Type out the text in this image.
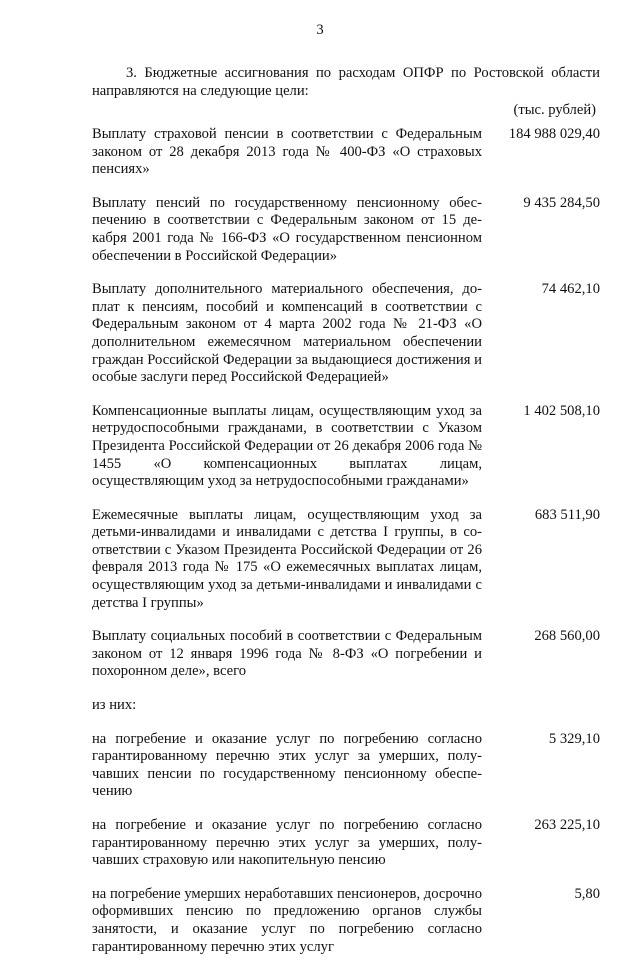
3
3. Бюджетные ассигнования по расходам ОПФР по Ростовской области направляются на следующие цели:
(тыс. рублей)
Выплату страховой пенсии в соответствии с Федеральным законом от 28 декабря 2013 года № 400-ФЗ «О страховых пенсиях»
184 988 029,40
Выплату пенсий по государственному пенсионному обеспечению в соответствии с Федеральным законом от 15 декабря 2001 года № 166-ФЗ «О государственном пенсионном обеспечении в Российской Федерации»
9 435 284,50
Выплату дополнительного материального обеспечения, доплат к пенсиям, пособий и компенсаций в соответствии с Федеральным законом от 4 марта 2002 года № 21-ФЗ «О дополнительном ежемесячном материальном обеспечении граждан Российской Федерации за выдающиеся достижения и особые заслуги перед Российской Федерацией»
74 462,10
Компенсационные выплаты лицам, осуществляющим уход за нетрудоспособными гражданами, в соответствии с Указом Президента Российской Федерации от 26 декабря 2006 года № 1455 «О компенсационных выплатах лицам, осуществляющим уход за нетрудоспособными гражданами»
1 402 508,10
Ежемесячные выплаты лицам, осуществляющим уход за детьми-инвалидами и инвалидами с детства I группы, в соответствии с Указом Президента Российской Федерации от 26 февраля 2013 года № 175 «О ежемесячных выплатах лицам, осуществляющим уход за детьми-инвалидами и инвалидами с детства I группы»
683 511,90
Выплату социальных пособий в соответствии с Федеральным законом от 12 января 1996 года № 8-ФЗ «О погребении и похоронном деле», всего
268 560,00
из них:
на погребение и оказание услуг по погребению согласно гарантированному перечню этих услуг за умерших, получавших пенсии по государственному пенсионному обеспечению
5 329,10
на погребение и оказание услуг по погребению согласно гарантированному перечню этих услуг за умерших, получавших страховую или накопительную пенсию
263 225,10
на погребение умерших неработавших пенсионеров, досрочно оформивших пенсию по предложению органов службы занятости, и оказание услуг по погребению согласно гарантированному перечню этих услуг
5,80
